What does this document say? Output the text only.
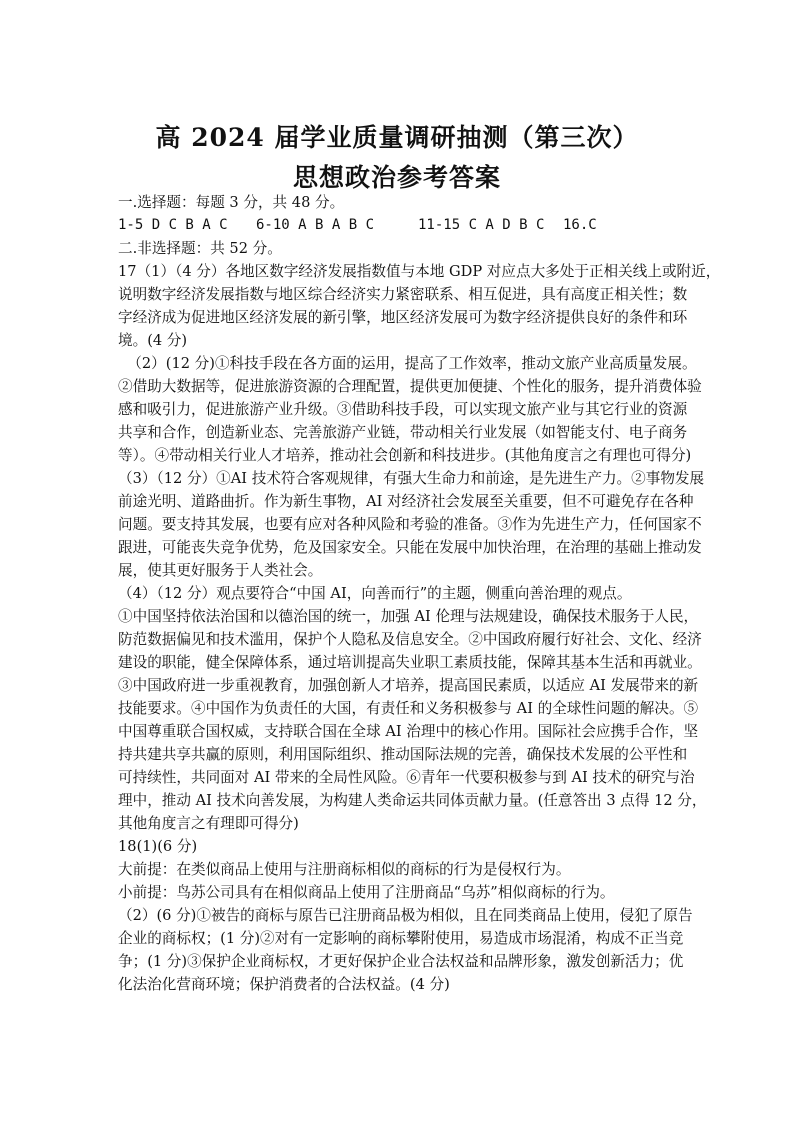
高 2024 届学业质量调研抽测（第三次）
思想政治参考答案
一.选择题：每题 3 分，共 48 分。
1-5 D C B A C	6-10 A B A B C	11-15 C A D B C	16.C
二.非选择题：共 52 分。
17（1）（4 分）各地区数字经济发展指数值与本地 GDP 对应点大多处于正相关线上或附近，
说明数字经济发展指数与地区综合经济实力紧密联系、相互促进，具有高度正相关性；数
字经济成为促进地区经济发展的新引擎，地区经济发展可为数字经济提供良好的条件和环
境。(4 分)
（2）(12 分)①科技手段在各方面的运用，提高了工作效率，推动文旅产业高质量发展。
②借助大数据等，促进旅游资源的合理配置，提供更加便捷、个性化的服务，提升消费体验
感和吸引力，促进旅游产业升级。③借助科技手段，可以实现文旅产业与其它行业的资源
共享和合作，创造新业态、完善旅游产业链，带动相关行业发展（如智能支付、电子商务
等）。④带动相关行业人才培养，推动社会创新和科技进步。(其他角度言之有理也可得分)
（3）（12 分）①AI 技术符合客观规律，有强大生命力和前途，是先进生产力。②事物发展
前途光明、道路曲折。作为新生事物，AI 对经济社会发展至关重要，但不可避免存在各种
问题。要支持其发展，也要有应对各种风险和考验的准备。③作为先进生产力，任何国家不
跟进，可能丧失竞争优势，危及国家安全。只能在发展中加快治理，在治理的基础上推动发
展，使其更好服务于人类社会。
（4）（12 分）观点要符合“中国 AI，向善而行”的主题，侧重向善治理的观点。
①中国坚持依法治国和以德治国的统一，加强 AI 伦理与法规建设，确保技术服务于人民，
防范数据偏见和技术滥用，保护个人隐私及信息安全。②中国政府履行好社会、文化、经济
建设的职能，健全保障体系，通过培训提高失业职工素质技能，保障其基本生活和再就业。
③中国政府进一步重视教育，加强创新人才培养，提高国民素质，以适应 AI 发展带来的新
技能要求。④中国作为负责任的大国，有责任和义务积极参与 AI 的全球性问题的解决。⑤
中国尊重联合国权威，支持联合国在全球 AI 治理中的核心作用。国际社会应携手合作，坚
持共建共享共赢的原则，利用国际组织、推动国际法规的完善，确保技术发展的公平性和
可持续性，共同面对 AI 带来的全局性风险。⑥青年一代要积极参与到 AI 技术的研究与治
理中，推动 AI 技术向善发展，为构建人类命运共同体贡献力量。(任意答出 3 点得 12 分，
其他角度言之有理即可得分)
18(1)(6 分)
大前提：在类似商品上使用与注册商标相似的商标的行为是侵权行为。
小前提：鸟苏公司具有在相似商品上使用了注册商品“乌苏”相似商标的行为。
（2）(6 分)①被告的商标与原告已注册商品极为相似，且在同类商品上使用，侵犯了原告
企业的商标权；(1 分)②对有一定影响的商标攀附使用，易造成市场混淆，构成不正当竞
争；(1 分)③保护企业商标权，才更好保护企业合法权益和品牌形象，激发创新活力；优
化法治化营商环境；保护消费者的合法权益。(4 分)
